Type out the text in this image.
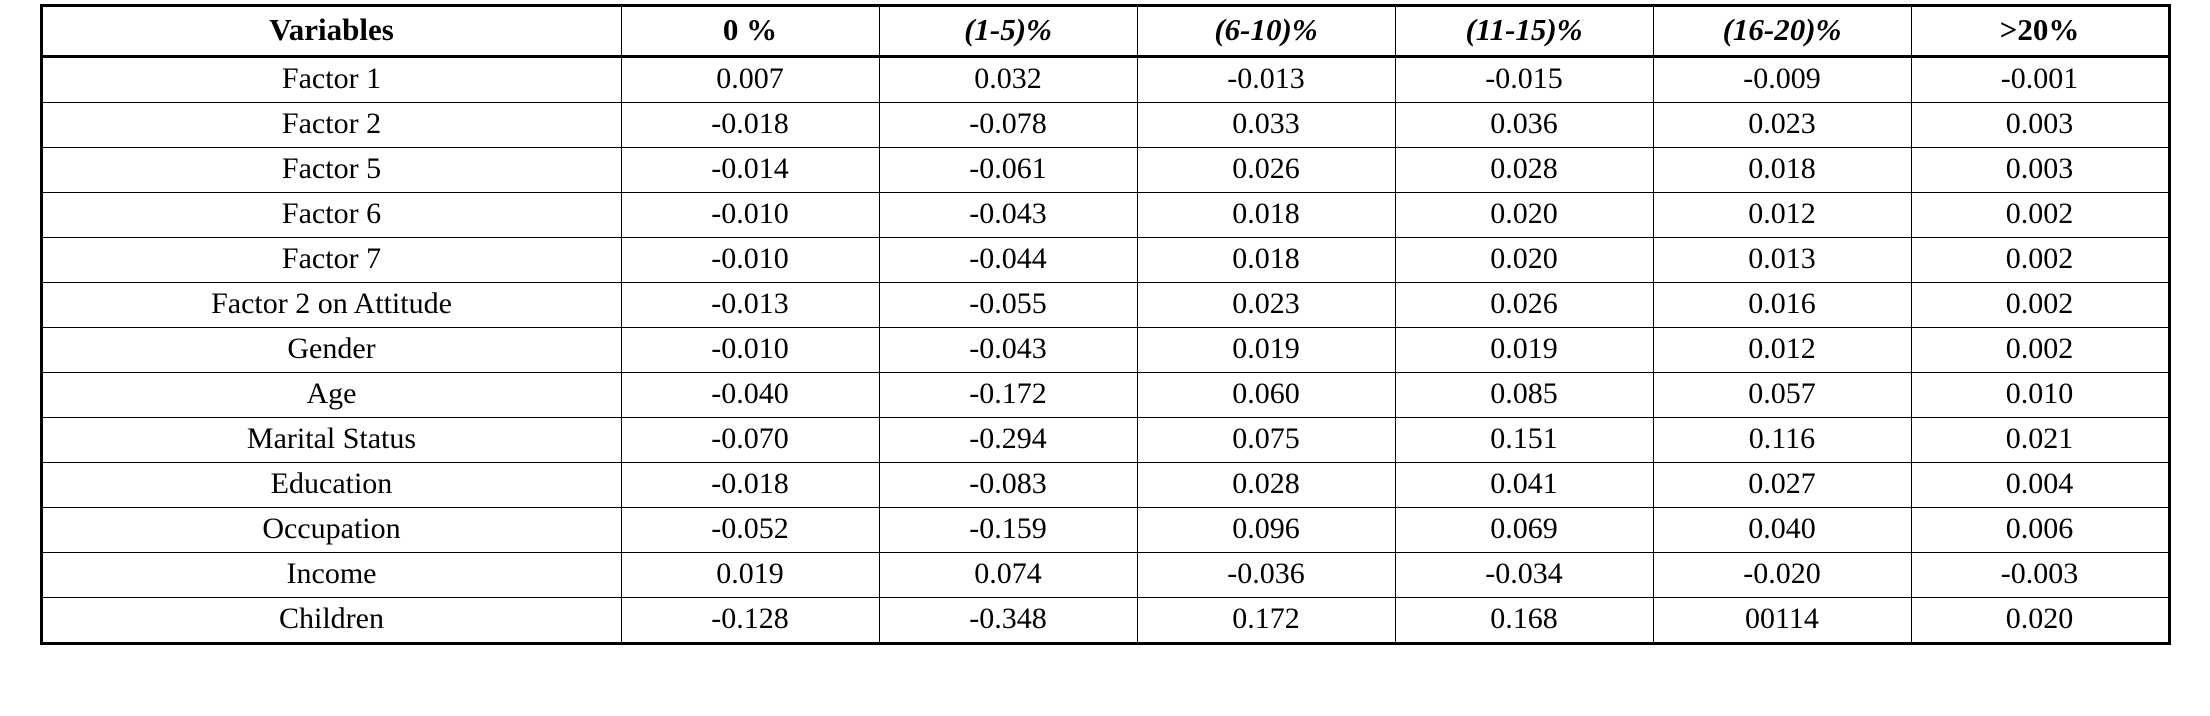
Variables	0 %	(1-5)%	(6-10)%	(11-15)%	(16-20)%	>20%
Factor 1	0.007	0.032	-0.013	-0.015	-0.009	-0.001
Factor 2	-0.018	-0.078	0.033	0.036	0.023	0.003
Factor 5	-0.014	-0.061	0.026	0.028	0.018	0.003
Factor 6	-0.010	-0.043	0.018	0.020	0.012	0.002
Factor 7	-0.010	-0.044	0.018	0.020	0.013	0.002
Factor 2 on Attitude	-0.013	-0.055	0.023	0.026	0.016	0.002
Gender	-0.010	-0.043	0.019	0.019	0.012	0.002
Age	-0.040	-0.172	0.060	0.085	0.057	0.010
Marital Status	-0.070	-0.294	0.075	0.151	0.116	0.021
Education	-0.018	-0.083	0.028	0.041	0.027	0.004
Occupation	-0.052	-0.159	0.096	0.069	0.040	0.006
Income	0.019	0.074	-0.036	-0.034	-0.020	-0.003
Children	-0.128	-0.348	0.172	0.168	00114	0.020
